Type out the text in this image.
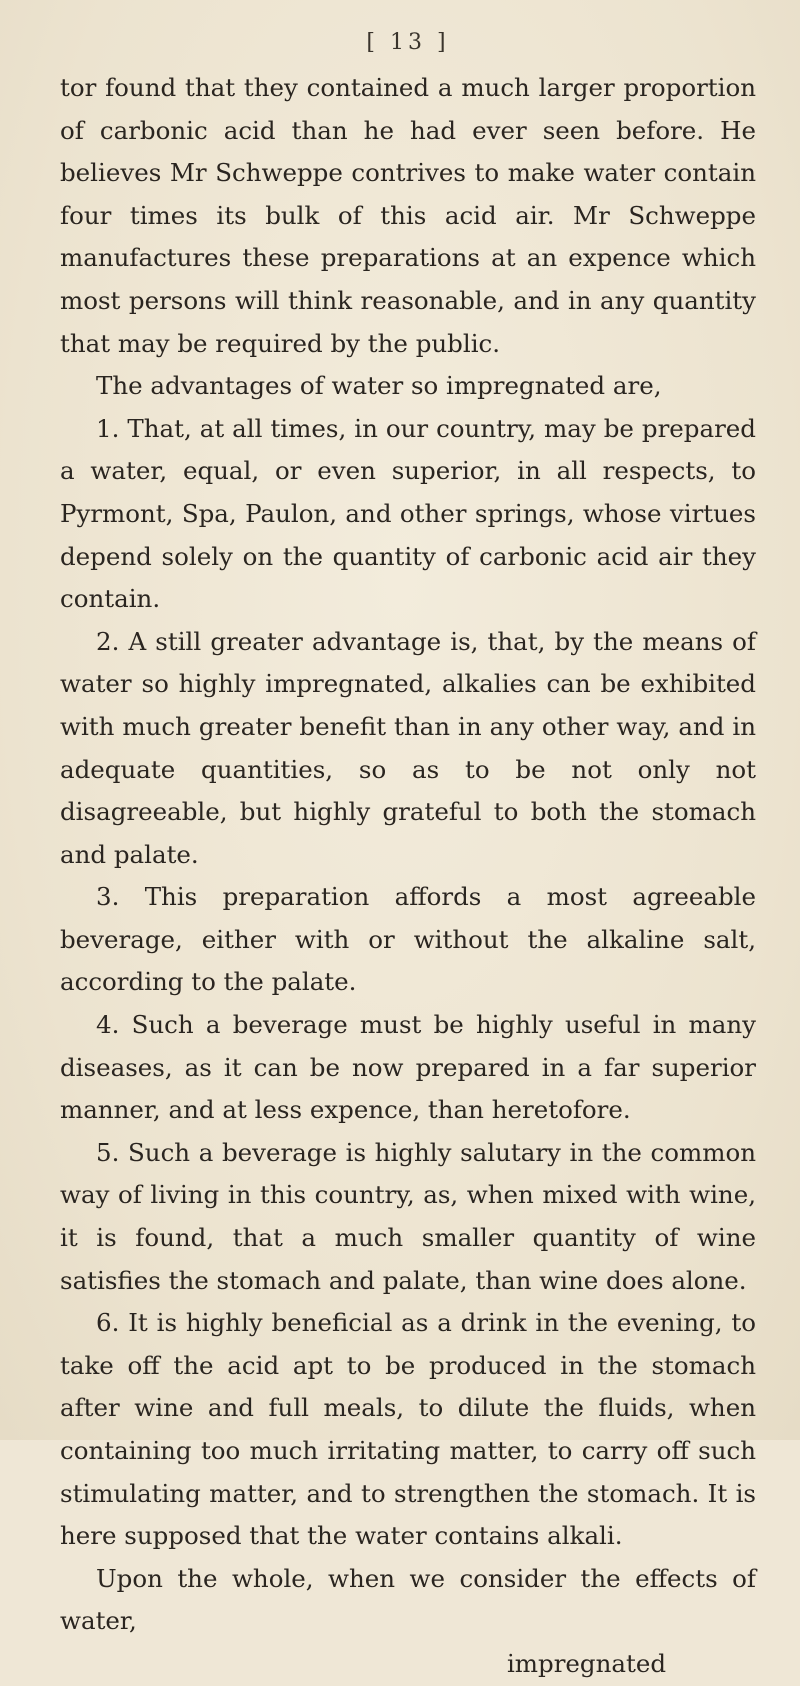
[ 13 ]

tor found that they contained a much larger proportion of carbonic acid than he had ever seen before. He believes Mr Schweppe contrives to make water contain four times its bulk of this acid air. Mr Schweppe manufactures these preparations at an expence which most persons will think reasonable, and in any quantity that may be required by the public.

The advantages of water so impregnated are,

1. That, at all times, in our country, may be prepared a water, equal, or even superior, in all respects, to Pyrmont, Spa, Paulon, and other springs, whose virtues depend solely on the quantity of carbonic acid air they contain.

2. A still greater advantage is, that, by the means of water so highly impregnated, alkalies can be exhibited with much greater benefit than in any other way, and in adequate quantities, so as to be not only not disagreeable, but highly grateful to both the stomach and palate.

3. This preparation affords a most agreeable beverage, either with or without the alkaline salt, according to the palate.

4. Such a beverage must be highly useful in many diseases, as it can be now prepared in a far superior manner, and at less expence, than heretofore.

5. Such a beverage is highly salutary in the common way of living in this country, as, when mixed with wine, it is found, that a much smaller quantity of wine satisfies the stomach and palate, than wine does alone.

6. It is highly beneficial as a drink in the evening, to take off the acid apt to be produced in the stomach after wine and full meals, to dilute the fluids, when containing too much irritating matter, to carry off such stimulating matter, and to strengthen the stomach. It is here supposed that the water contains alkali.

Upon the whole, when we consider the effects of water,

impregnated
